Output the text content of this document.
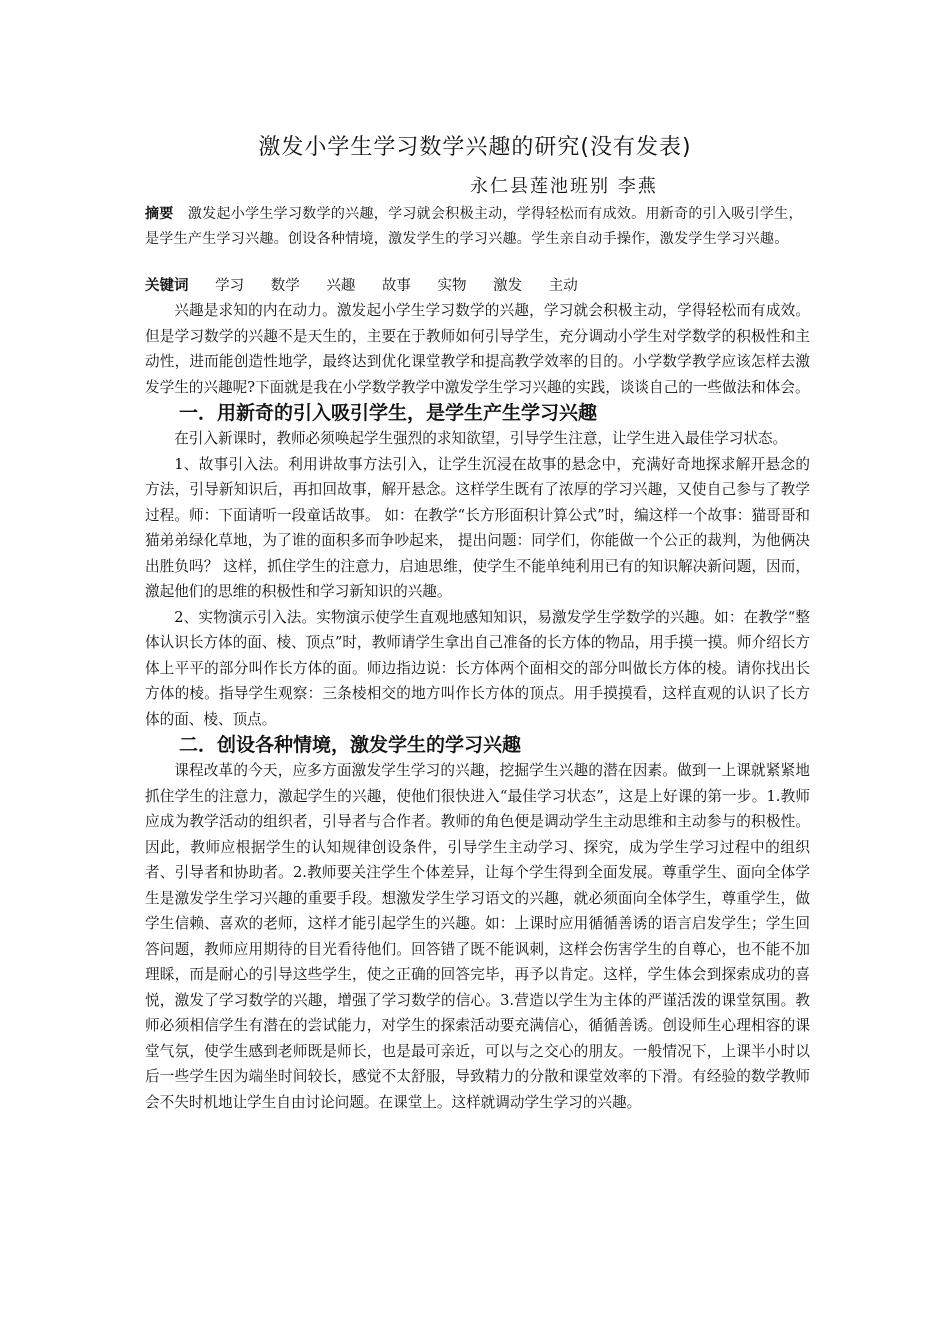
激发小学生学习数学兴趣的研究(没有发表)
永仁县莲池班别 李燕
摘要 激发起小学生学习数学的兴趣，学习就会积极主动，学得轻松而有成效。用新奇的引入吸引学生，是学生产生学习兴趣。创设各种情境，激发学生的学习兴趣。学生亲自动手操作，激发学生学习兴趣。
关键词 学习 数学 兴趣 故事 实物 激发 主动

兴趣是求知的内在动力。激发起小学生学习数学的兴趣，学习就会积极主动，学得轻松而有成效。但是学习数学的兴趣不是天生的，主要在于教师如何引导学生，充分调动小学生对学数学的积极性和主动性，进而能创造性地学，最终达到优化课堂教学和提高教学效率的目的。小学数学教学应该怎样去激发学生的兴趣呢?下面就是我在小学数学教学中激发学生学习兴趣的实践，谈谈自己的一些做法和体会。

一．用新奇的引入吸引学生，是学生产生学习兴趣

在引入新课时，教师必须唤起学生强烈的求知欲望，引导学生注意，让学生进入最佳学习状态。

1、故事引入法。利用讲故事方法引入，让学生沉浸在故事的悬念中，充满好奇地探求解开悬念的方法，引导新知识后，再扣回故事，解开悬念。这样学生既有了浓厚的学习兴趣，又使自己参与了教学过程。师：下面请听一段童话故事。 如：在教学“长方形面积计算公式”时，编这样一个故事：猫哥哥和猫弟弟绿化草地，为了谁的面积多而争吵起来， 提出问题：同学们，你能做一个公正的裁判，为他俩决出胜负吗？ 这样，抓住学生的注意力，启迪思维，使学生不能单纯利用已有的知识解决新问题，因而，激起他们的思维的积极性和学习新知识的兴趣。

2、实物演示引入法。实物演示使学生直观地感知知识，易激发学生学数学的兴趣。如：在教学“整体认识长方体的面、棱、顶点”时，教师请学生拿出自己准备的长方体的物品，用手摸一摸。师介绍长方体上平平的部分叫作长方体的面。师边指边说：长方体两个面相交的部分叫做长方体的棱。请你找出长方体的棱。指导学生观察：三条棱相交的地方叫作长方体的顶点。用手摸摸看，这样直观的认识了长方体的面、棱、顶点。

二．创设各种情境，激发学生的学习兴趣

课程改革的今天，应多方面激发学生学习的兴趣，挖掘学生兴趣的潜在因素。做到一上课就紧紧地抓住学生的注意力，激起学生的兴趣，使他们很快进入“最佳学习状态”，这是上好课的第一步。1.教师应成为教学活动的组织者，引导者与合作者。教师的角色便是调动学生主动思维和主动参与的积极性。因此，教师应根据学生的认知规律创设条件，引导学生主动学习、探究，成为学生学习过程中的组织者、引导者和协助者。2.教师要关注学生个体差异，让每个学生得到全面发展。尊重学生、面向全体学生是激发学生学习兴趣的重要手段。想激发学生学习语文的兴趣，就必须面向全体学生，尊重学生，做学生信赖、喜欢的老师，这样才能引起学生的兴趣。如：上课时应用循循善诱的语言启发学生；学生回答问题，教师应用期待的目光看待他们。回答错了既不能讽刺，这样会伤害学生的自尊心，也不能不加理睬，而是耐心的引导这些学生，使之正确的回答完毕，再予以肯定。这样，学生体会到探索成功的喜悦，激发了学习数学的兴趣，增强了学习数学的信心。3.营造以学生为主体的严谨活泼的课堂氛围。教师必须相信学生有潜在的尝试能力，对学生的探索活动要充满信心，循循善诱。创设师生心理相容的课堂气氛，使学生感到老师既是师长，也是最可亲近，可以与之交心的朋友。一般情况下，上课半小时以后一些学生因为端坐时间较长，感觉不太舒服，导致精力的分散和课堂效率的下滑。有经验的数学教师会不失时机地让学生自由讨论问题。在课堂上。这样就调动学生学习的兴趣。
